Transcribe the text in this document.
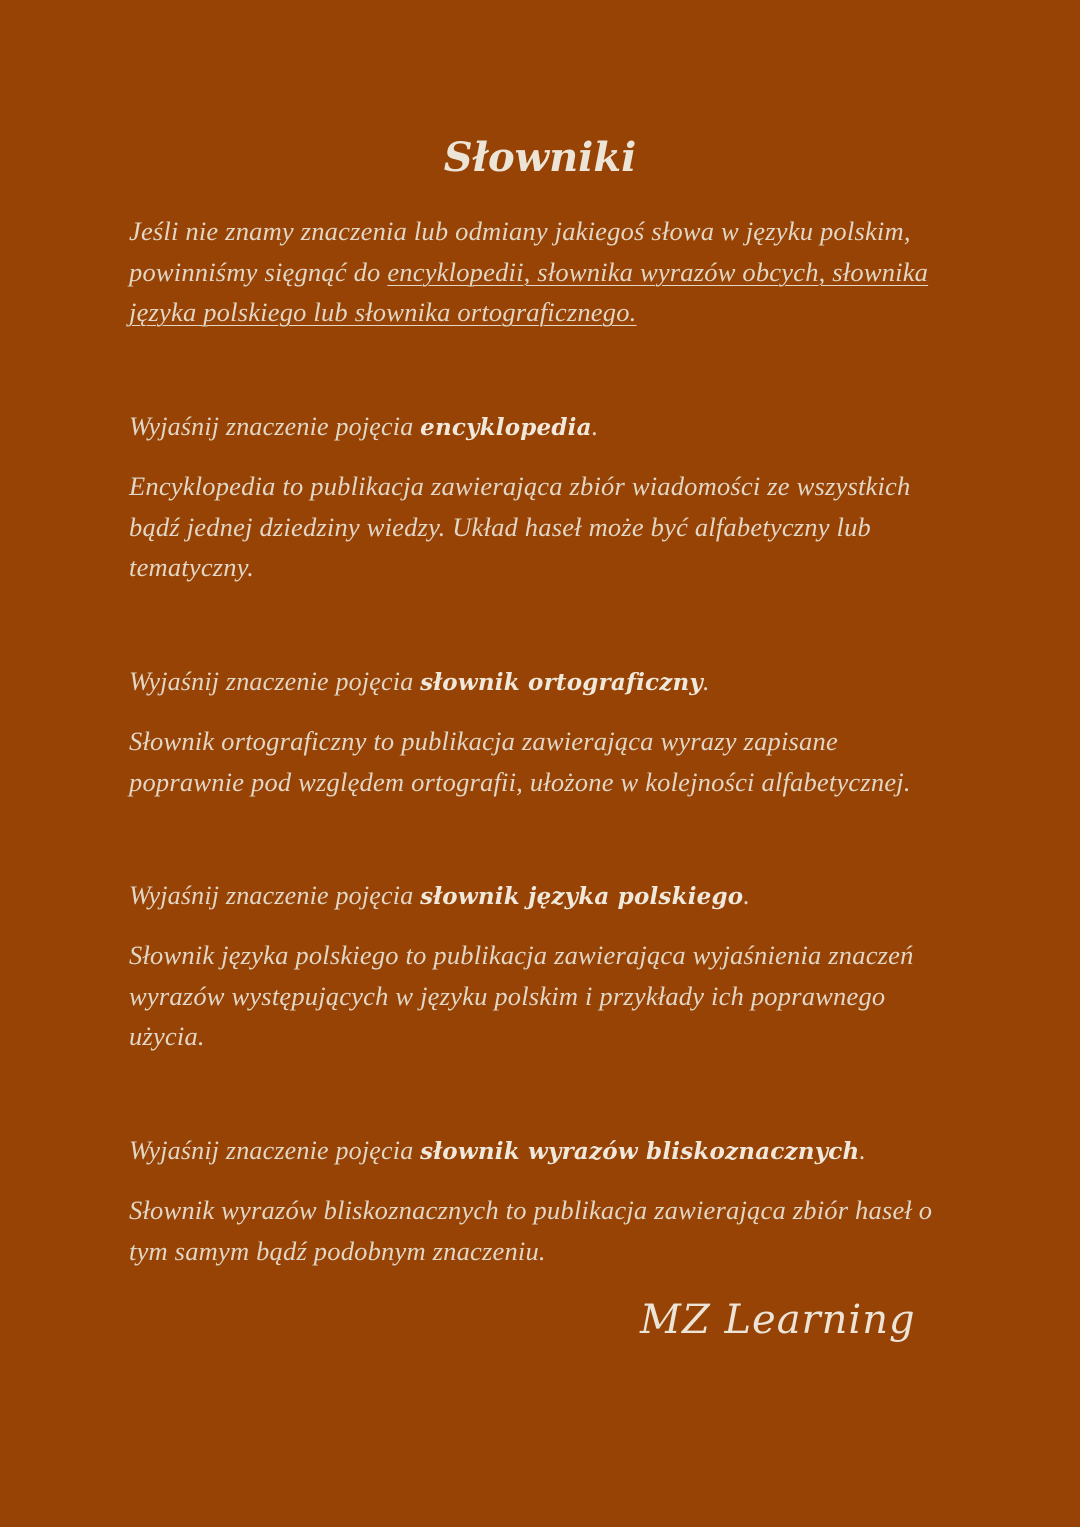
Słowniki
Jeśli nie znamy znaczenia lub odmiany jakiegoś słowa w języku polskim, powinniśmy sięgnąć do encyklopedii, słownika wyrazów obcych, słownika języka polskiego lub słownika ortograficznego.
Wyjaśnij znaczenie pojęcia encyklopedia.
Encyklopedia to publikacja zawierająca zbiór wiadomości ze wszystkich bądź jednej dziedziny wiedzy. Układ haseł może być alfabetyczny lub tematyczny.
Wyjaśnij znaczenie pojęcia słownik ortograficzny.
Słownik ortograficzny to publikacja zawierająca wyrazy zapisane poprawnie pod względem ortografii, ułożone w kolejności alfabetycznej.
Wyjaśnij znaczenie pojęcia słownik języka polskiego.
Słownik języka polskiego to publikacja zawierająca wyjaśnienia znaczeń wyrazów występujących w języku polskim i przykłady ich poprawnego użycia.
Wyjaśnij znaczenie pojęcia słownik wyrazów bliskoznacznych.
Słownik wyrazów bliskoznacznych to publikacja zawierająca zbiór haseł o tym samym bądź podobnym znaczeniu.
MZ Learning
